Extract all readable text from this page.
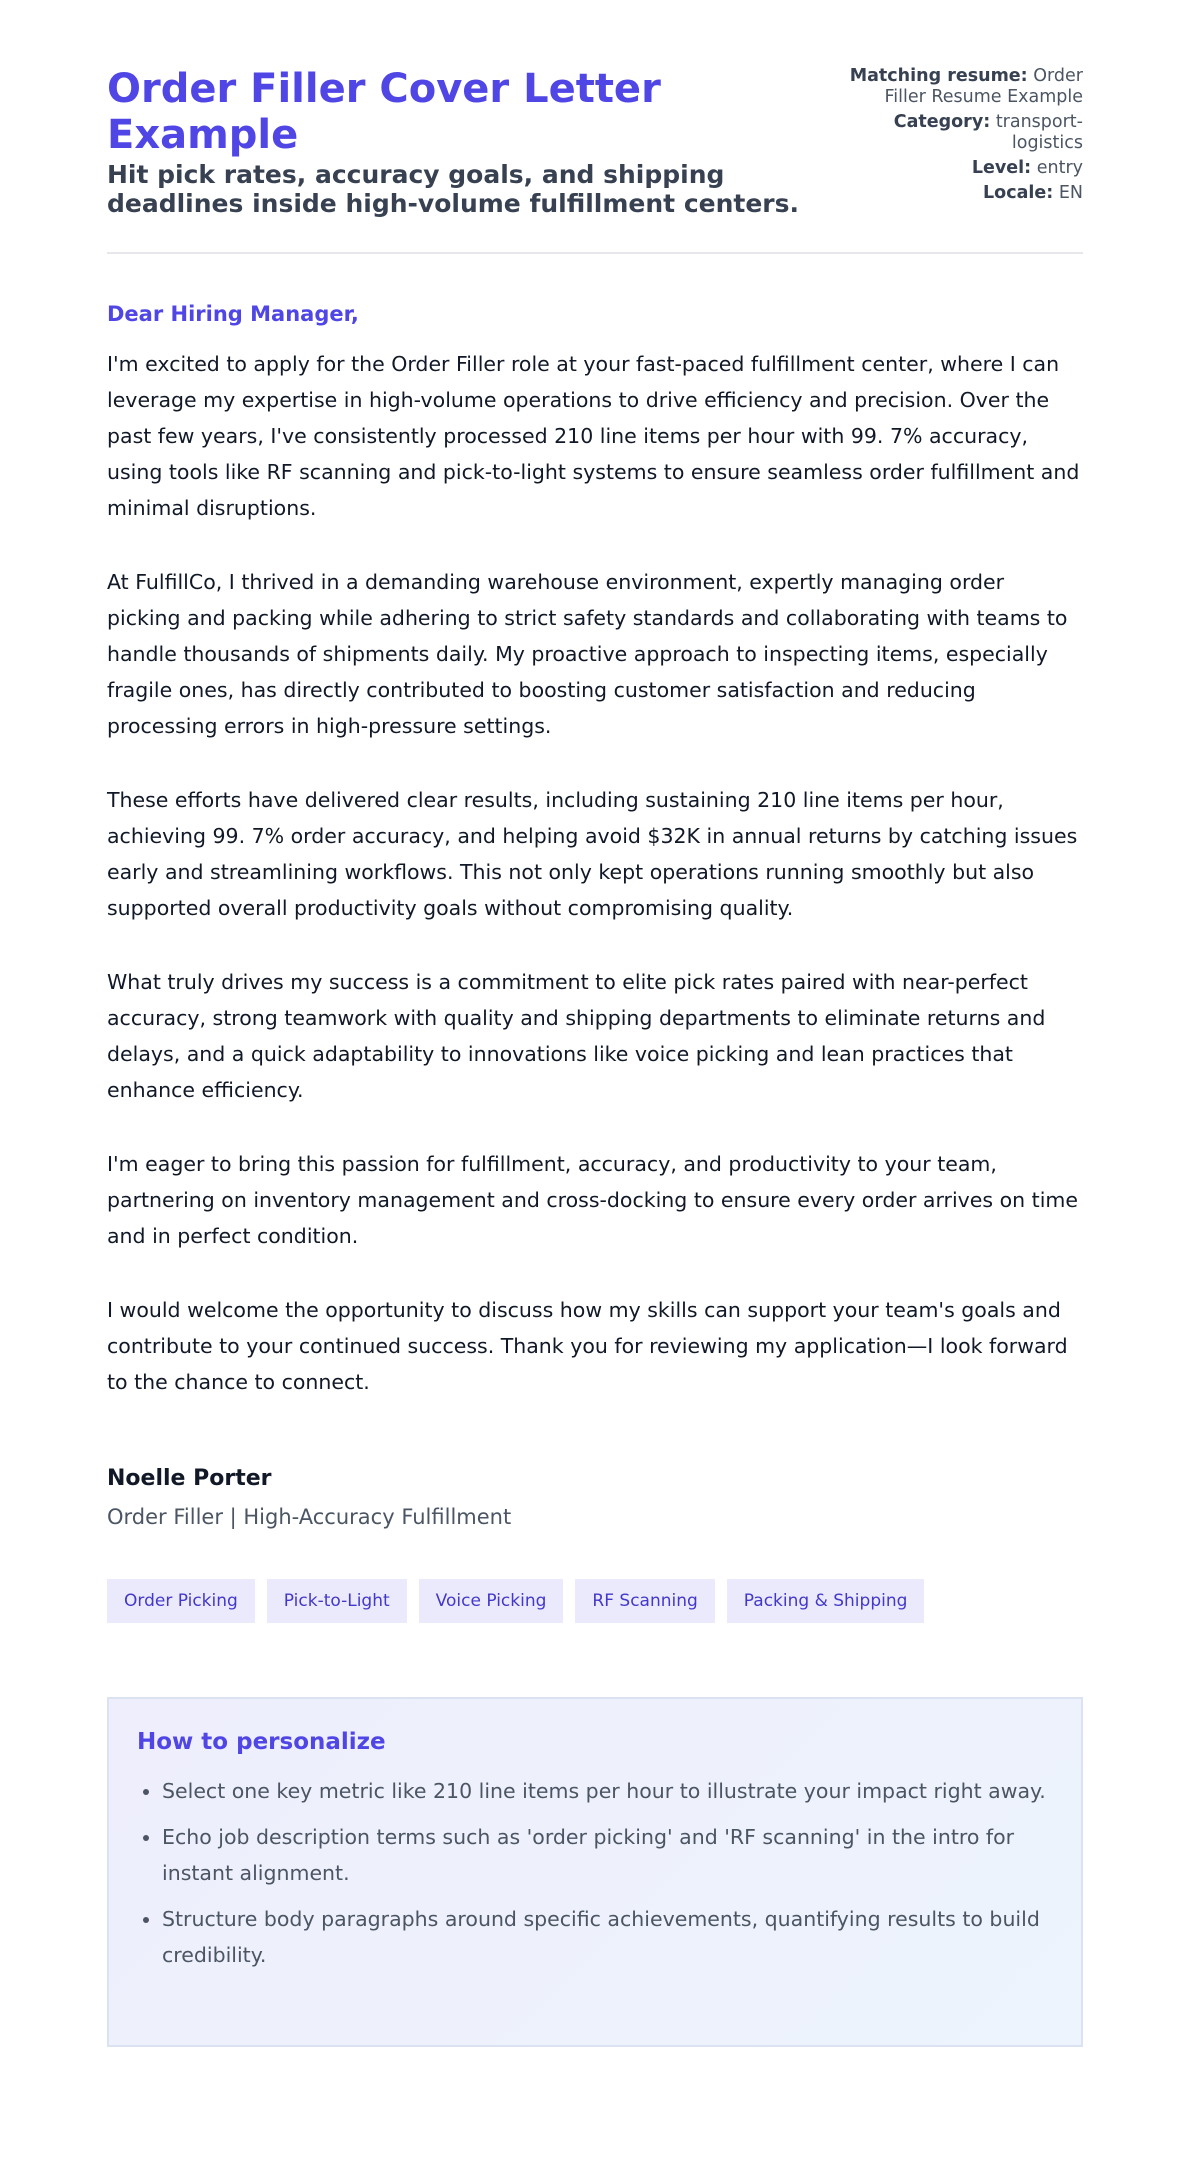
Order Filler Cover Letter Example

Hit pick rates, accuracy goals, and shipping deadlines inside high-volume fulfillment centers.

Matching resume: Order Filler Resume Example
Category: transport-logistics
Level: entry
Locale: EN
Dear Hiring Manager,

I'm excited to apply for the Order Filler role at your fast-paced fulfillment center, where I can leverage my expertise in high-volume operations to drive efficiency and precision. Over the past few years, I've consistently processed 210 line items per hour with 99. 7% accuracy, using tools like RF scanning and pick-to-light systems to ensure seamless order fulfillment and minimal disruptions.

At FulfillCo, I thrived in a demanding warehouse environment, expertly managing order picking and packing while adhering to strict safety standards and collaborating with teams to handle thousands of shipments daily. My proactive approach to inspecting items, especially fragile ones, has directly contributed to boosting customer satisfaction and reducing processing errors in high-pressure settings.

These efforts have delivered clear results, including sustaining 210 line items per hour, achieving 99. 7% order accuracy, and helping avoid $32K in annual returns by catching issues early and streamlining workflows. This not only kept operations running smoothly but also supported overall productivity goals without compromising quality.

What truly drives my success is a commitment to elite pick rates paired with near-perfect accuracy, strong teamwork with quality and shipping departments to eliminate returns and delays, and a quick adaptability to innovations like voice picking and lean practices that enhance efficiency.

I'm eager to bring this passion for fulfillment, accuracy, and productivity to your team, partnering on inventory management and cross-docking to ensure every order arrives on time and in perfect condition.

I would welcome the opportunity to discuss how my skills can support your team's goals and contribute to your continued success. Thank you for reviewing my application—I look forward to the chance to connect.

Noelle Porter
Order Filler | High-Accuracy Fulfillment
Order Picking	Pick-to-Light	Voice Picking	RF Scanning	Packing & Shipping
How to personalize
• Select one key metric like 210 line items per hour to illustrate your impact right away.
• Echo job description terms such as 'order picking' and 'RF scanning' in the intro for instant alignment.
• Structure body paragraphs around specific achievements, quantifying results to build credibility.
